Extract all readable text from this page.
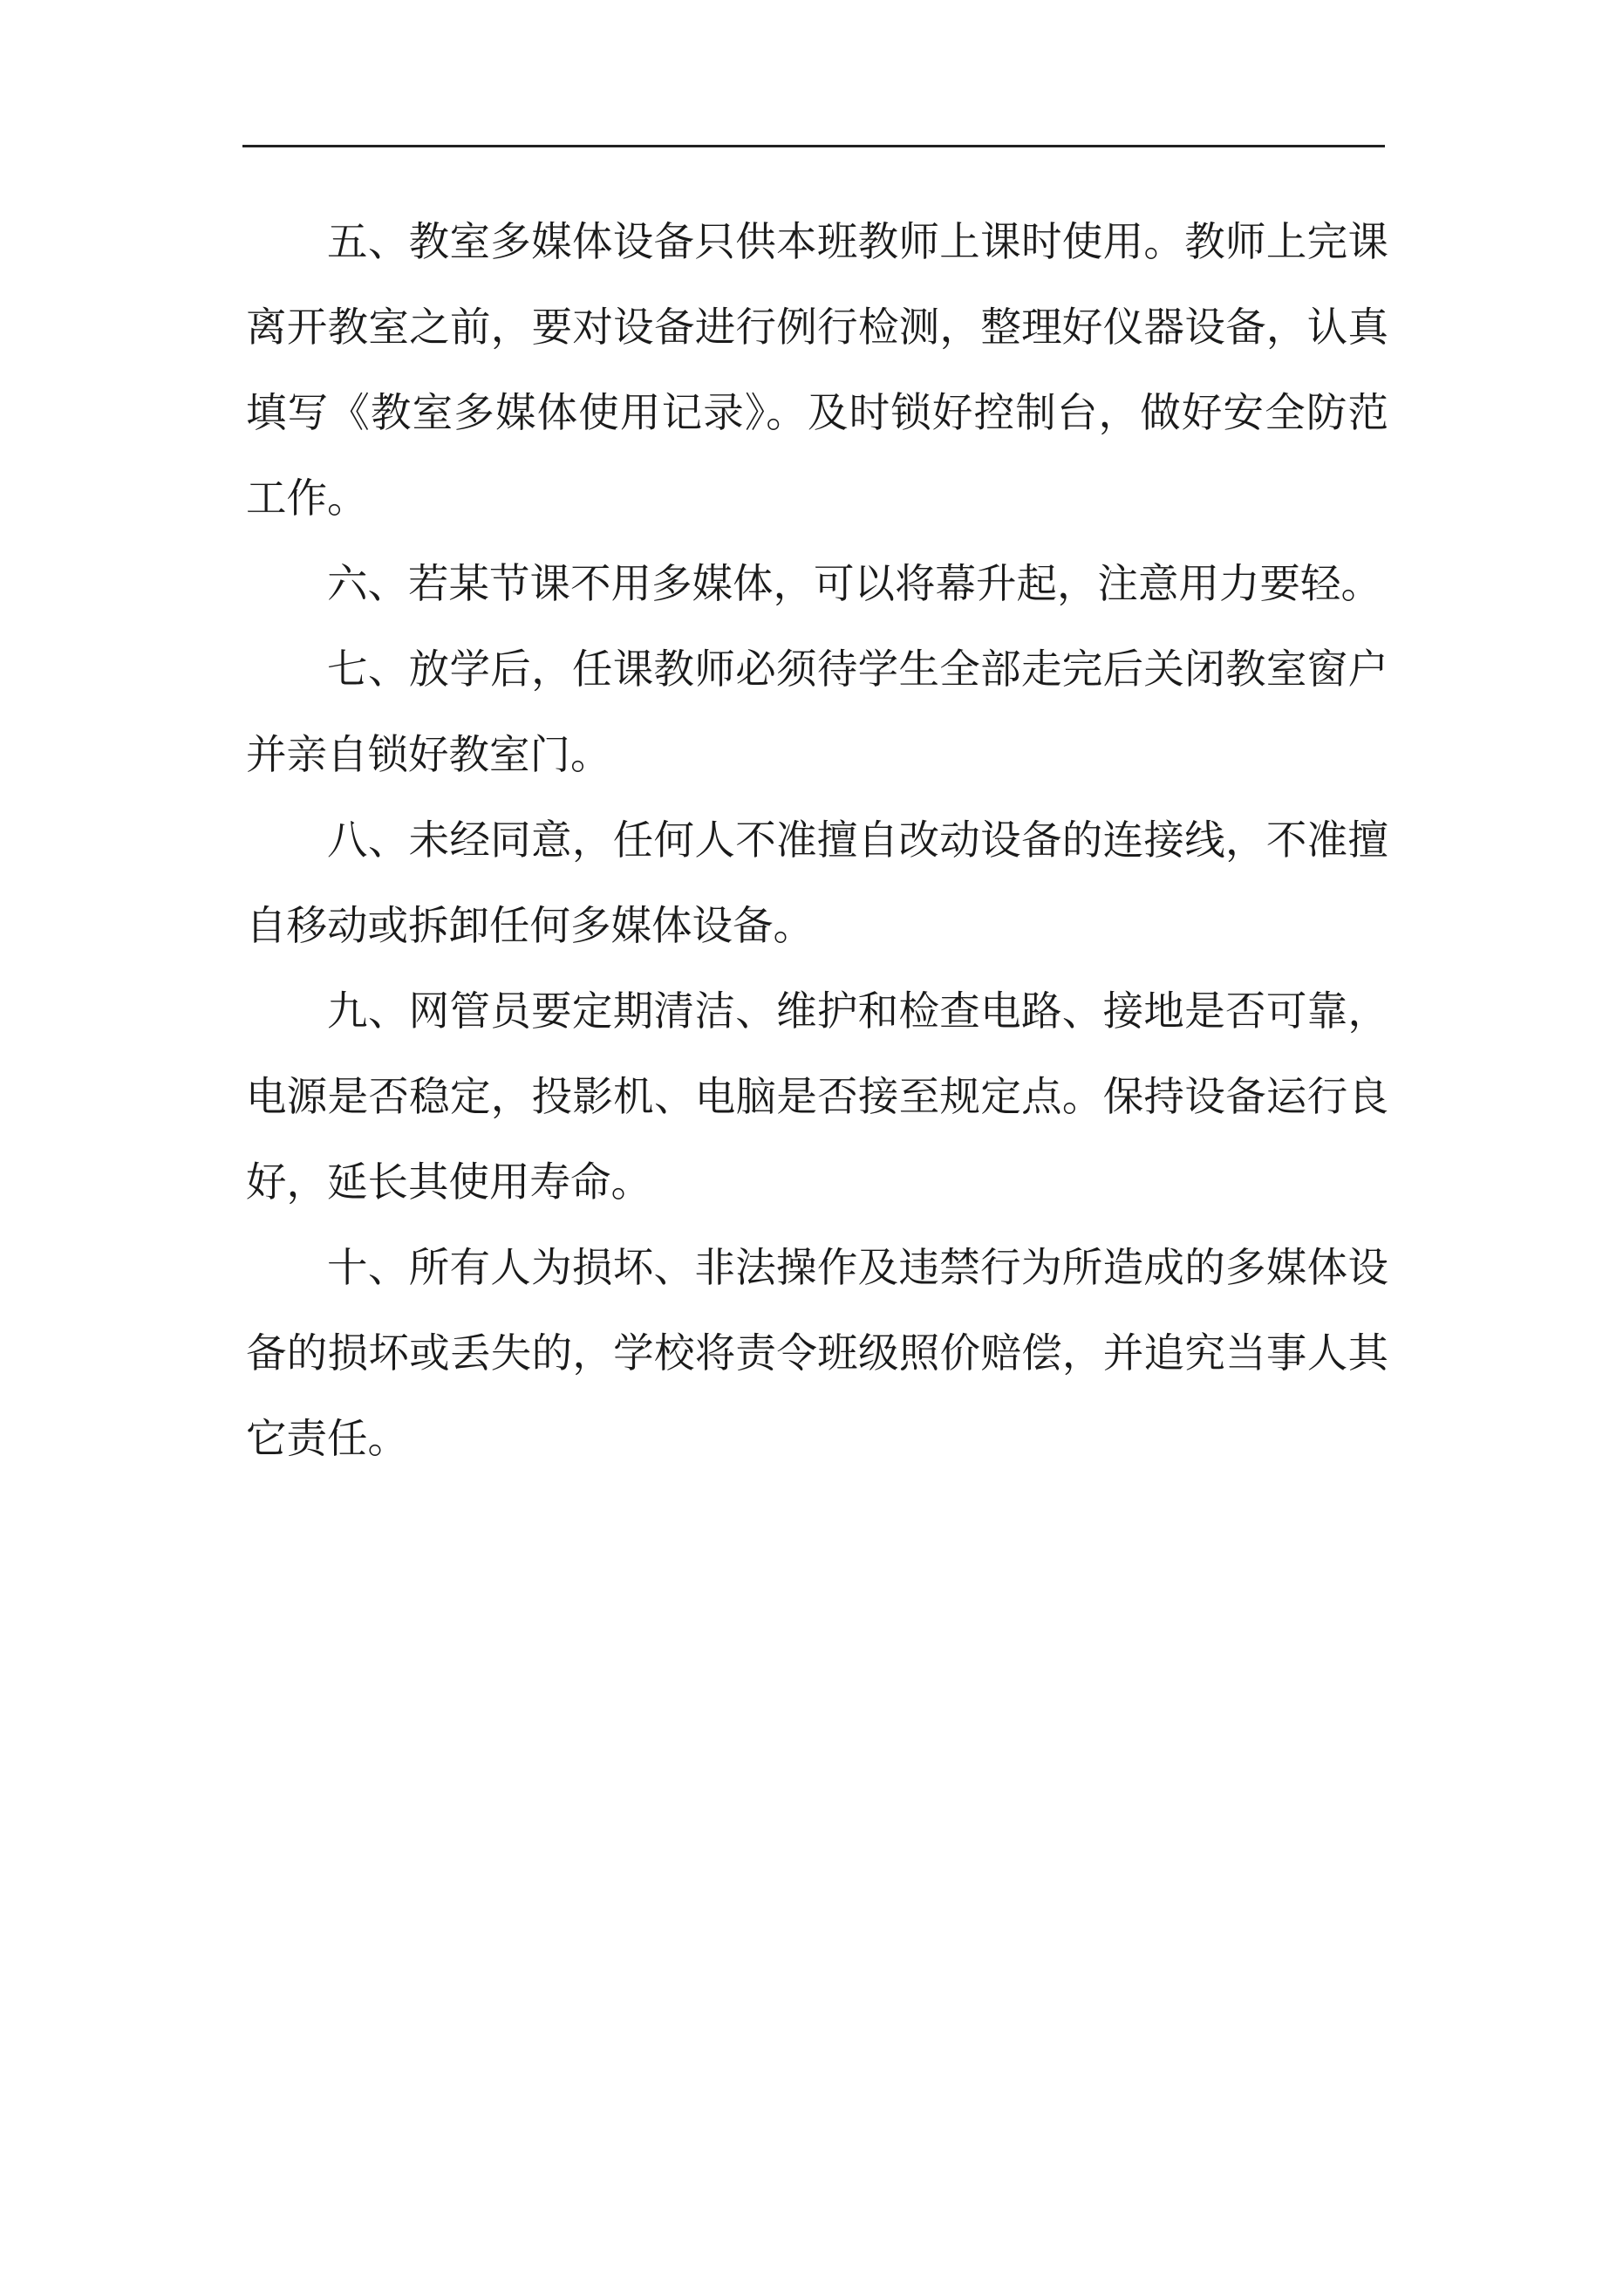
五、教室多媒体设备只供本班教师上课时使用。教师上完课离开教室之前，要对设备进行例行检测，整理好仪器设备，认真填写《教室多媒体使用记录》。及时锁好控制台，做好安全防范工作。

六、若某节课不用多媒体，可以将幕升起，注意用力要轻。

七、放学后，任课教师必须待学生全部走完后关闭教室窗户并亲自锁好教室门。

八、未经同意，任何人不准擅自改动设备的连接线，不准擅自移动或拆卸任何多媒体设备。

九、网管员要定期清洁、维护和检查电路、接地是否可靠，电源是否稳定，投影机、电脑是否接至规定点。保持设备运行良好，延长其使用寿命。

十、所有人为损坏、非法操作及违禁行为所造成的多媒体设备的损坏或丢失的，学校将责令班级照价赔偿，并追究当事人其它责任。
